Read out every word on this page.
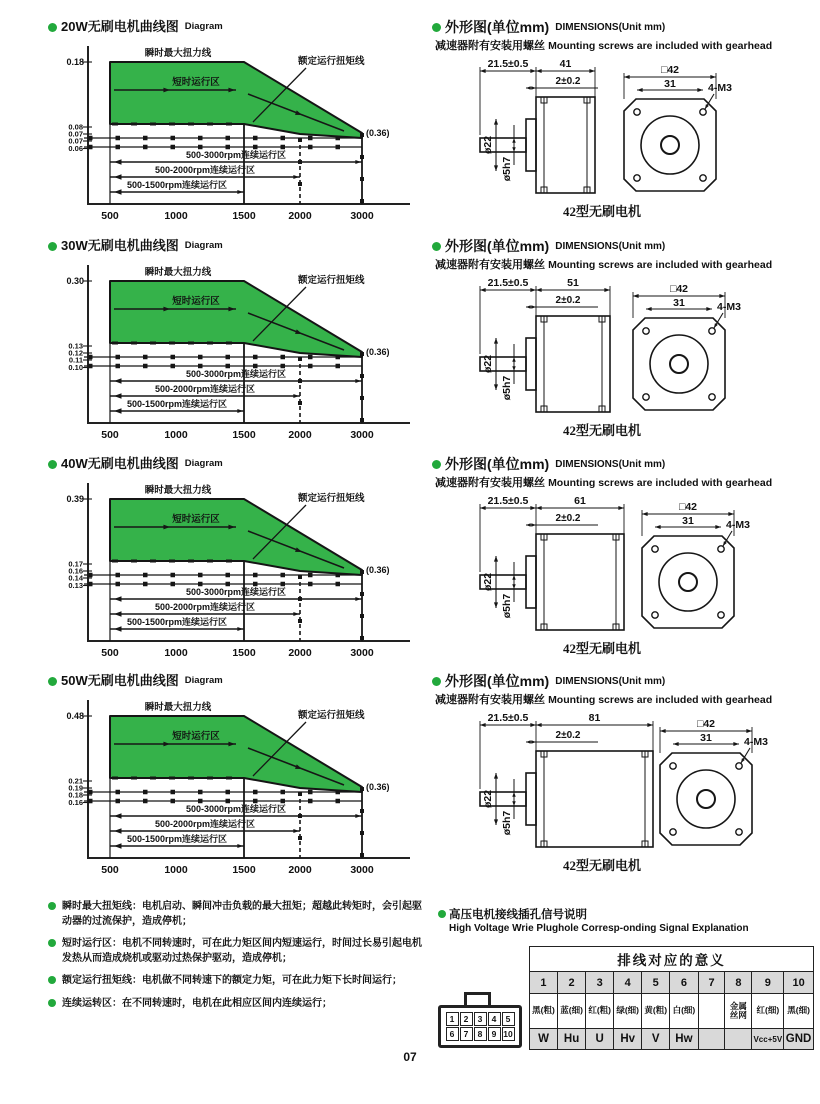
20W无刷电机曲线图 Diagram
500-3000rpm连续运行区
500-2000rpm连续运行区
500-1500rpm连续运行区
瞬时最大扭力线
短时运行区
额定运行扭矩线
(0.36)
0.18
0.08
0.07
0.07
0.06
500	1000	1500	2000	3000
外形图(单位mm) DIMENSIONS(Unit mm)
减速器附有安装用螺丝 Mounting screws are included with gearhead
21.5±0.5	41
2±0.2
ø22
ø5h7
□42
31	4-M3
42型无刷电机
30W无刷电机曲线图 Diagram
500-3000rpm连续运行区
500-2000rpm连续运行区
500-1500rpm连续运行区
瞬时最大扭力线
短时运行区
额定运行扭矩线
(0.36)
0.30
0.13
0.12
0.11
0.10
500	1000	1500	2000	3000
外形图(单位mm) DIMENSIONS(Unit mm)
减速器附有安装用螺丝 Mounting screws are included with gearhead
21.5±0.5	51
2±0.2
ø22
ø5h7
□42
31	4-M3
42型无刷电机
40W无刷电机曲线图 Diagram
500-3000rpm连续运行区
500-2000rpm连续运行区
500-1500rpm连续运行区
瞬时最大扭力线
短时运行区
额定运行扭矩线
(0.36)
0.39
0.17
0.16
0.14
0.13
500	1000	1500	2000	3000
外形图(单位mm) DIMENSIONS(Unit mm)
减速器附有安装用螺丝 Mounting screws are included with gearhead
21.5±0.5	61
2±0.2
ø22
ø5h7
□42
31	4-M3
42型无刷电机
50W无刷电机曲线图 Diagram
500-3000rpm连续运行区
500-2000rpm连续运行区
500-1500rpm连续运行区
瞬时最大扭力线
短时运行区
额定运行扭矩线
(0.36)
0.48
0.21
0.19
0.18
0.16
500	1000	1500	2000	3000
外形图(单位mm) DIMENSIONS(Unit mm)
减速器附有安装用螺丝 Mounting screws are included with gearhead
21.5±0.5	81
2±0.2
ø22
ø5h7
□42
31	4-M3
42型无刷电机

瞬时最大扭矩线：电机启动、瞬间冲击负载的最大扭矩；超越此转矩时，会引起驱动器的过流保护，造成停机；

短时运行区：电机不同转速时，可在此力矩区间内短速运行，时间过长易引起电机发热从而造成烧机或驱动过热保护驱动，造成停机；

额定运行扭矩线：电机做不同转速下的额定力矩，可在此力矩下长时间运行；

连续运转区：在不同转速时，电机在此相应区间内连续运行；

高压电机接线插孔信号说明
High Voltage Wrie Plughole Corresp-onding Signal Explanation
1	2	3	4	5
6	7	8	9 10
排线对应的意义									
1	2	3	4	5	6	7	8	9	10
黑(粗)	蓝(细)	红(粗)	绿(细)	黄(粗)	白(细)		金属丝网	红(细)	黑(细)
W	Hu	U	Hv	V	Hw			Vcc+5V	GND
07
